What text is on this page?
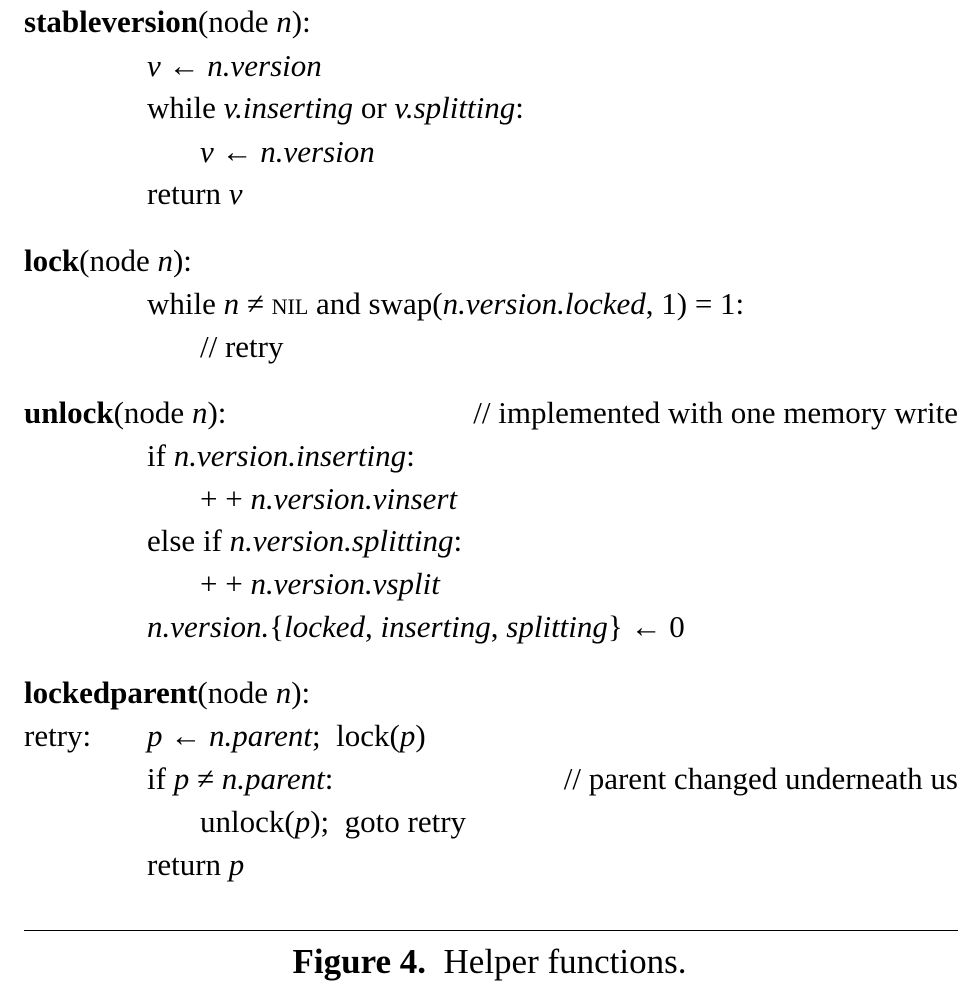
stableversion(node n):
v ← n.version
while v.inserting or v.splitting:
v ← n.version
return v
lock(node n):
while n ≠ nil and swap(n.version.locked, 1) = 1:
// retry
unlock(node n):	// implemented with one memory write
if n.version.inserting:
+ + n.version.vinsert
else if n.version.splitting:
+ + n.version.vsplit
n.version.{locked, inserting, splitting} ← 0
lockedparent(node n):
retry: p ← n.parent;  lock(p)
if p ≠ n.parent:	// parent changed underneath us
unlock(p);  goto retry
return p
Figure 4. Helper functions.
